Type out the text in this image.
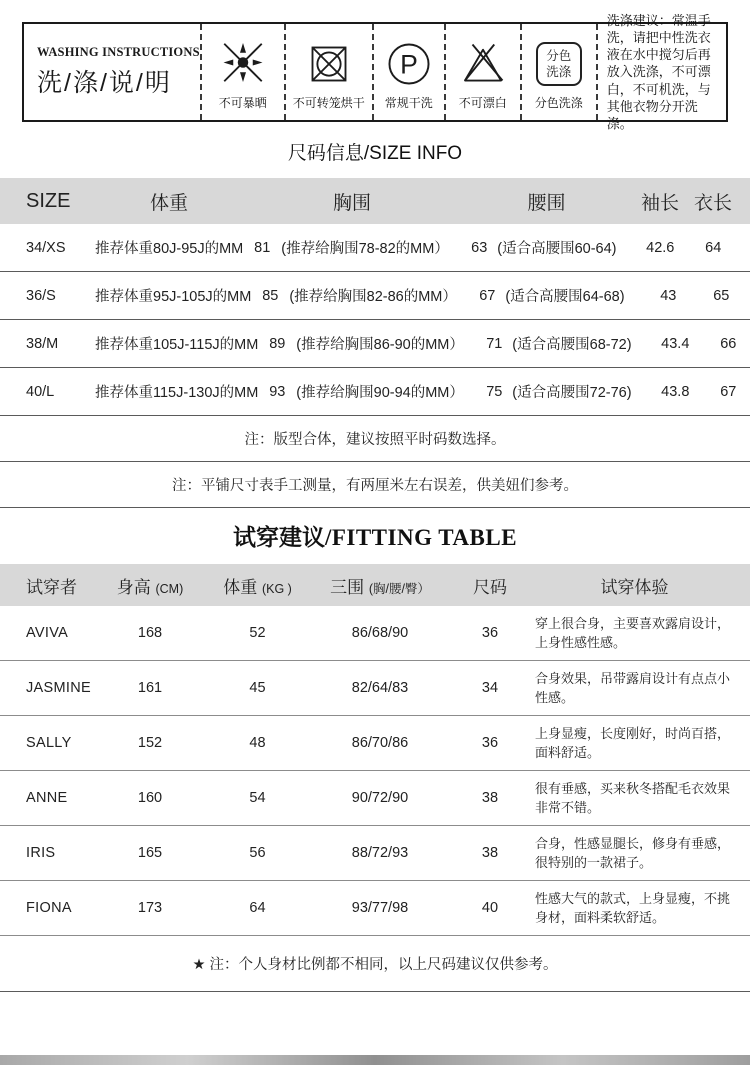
WASHING INSTRUCTIONS
洗/涤/说/明
不可暴晒 不可转笼烘干
P
常规干洗 不可漂白
分色
洗涤
分色洗涤
洗涤建议：常温手洗，请把中性洗衣液在水中搅匀后再放入洗涤，不可漂白，不可机洗，与其他衣物分开洗涤。
尺码信息/SIZE INFO
SIZE	体重	胸围	腰围	袖长 衣长
34/XS	推荐体重80J-95J的MM 81 (推荐给胸围78-82的MM）	63 (适合高腰围60-64)	42.6	64
36/S	推荐体重95J-105J的MM 85 (推荐给胸围82-86的MM）	67 (适合高腰围64-68)	43	65
38/M	推荐体重105J-115J的MM 89 (推荐给胸围86-90的MM）	71 (适合高腰围68-72)	43.4	66
40/L	推荐体重115J-130J的MM 93 (推荐给胸围90-94的MM）	75 (适合高腰围72-76)	43.8	67
注：版型合体，建议按照平时码数选择。
注：平铺尺寸表手工测量，有两厘米左右误差，供美妞们参考。
试穿建议/FITTING TABLE
试穿者	身高 (CM)	体重 (KG )	三围 (胸/腰/臀）	尺码	试穿体验
AVIVA	168	52	86/68/90	36
穿上很合身，主要喜欢露肩设计，上身性感性感。
JASMINE	161	45	82/64/83	34
合身效果，吊带露肩设计有点点小性感。
SALLY	152	48	86/70/86	36
上身显瘦，长度刚好，时尚百搭，面料舒适。
ANNE	160	54	90/72/90	38
很有垂感，买来秋冬搭配毛衣效果非常不错。
IRIS	165	56	88/72/93	38
合身，性感显腿长，修身有垂感，很特别的一款裙子。
FIONA	173	64	93/77/98	40
性感大气的款式，上身显瘦，不挑身材，面料柔软舒适。
★ 注：个人身材比例都不相同，以上尺码建议仅供参考。
